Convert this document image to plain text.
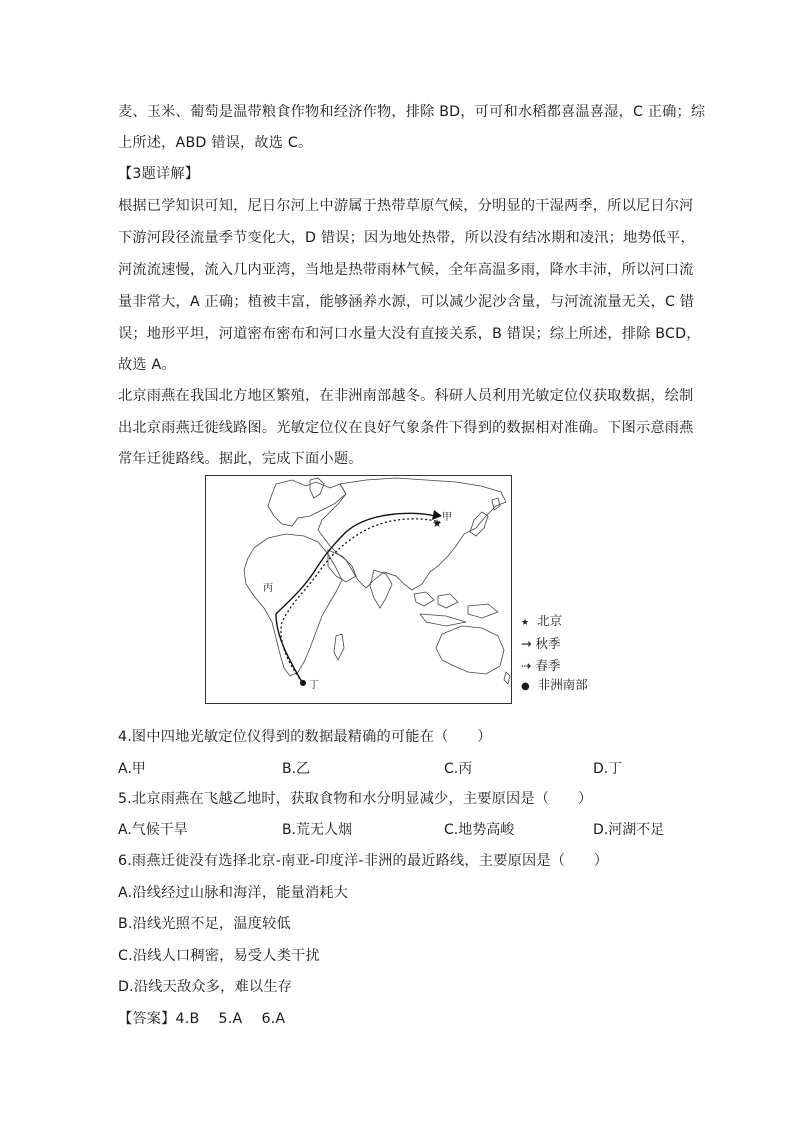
麦、玉米、葡萄是温带粮食作物和经济作物，排除 BD，可可和水稻都喜温喜湿，C 正确；综
上所述，ABD 错误，故选 C。
【3题详解】
根据已学知识可知，尼日尔河上中游属于热带草原气候，分明显的干湿两季，所以尼日尔河
下游河段径流量季节变化大，D 错误；因为地处热带，所以没有结冰期和凌汛；地势低平，
河流流速慢，流入几内亚湾，当地是热带雨林气候，全年高温多雨，降水丰沛，所以河口流
量非常大，A 正确；植被丰富，能够涵养水源，可以减少泥沙含量，与河流流量无关，C 错
误；地形平坦，河道密布密布和河口水量大没有直接关系，B 错误；综上所述，排除 BCD，
故选 A。
北京雨燕在我国北方地区繁殖，在非洲南部越冬。科研人员利用光敏定位仪获取数据，绘制
出北京雨燕迁徙线路图。光敏定位仪在良好气象条件下得到的数据相对准确。下图示意雨燕
常年迁徙路线。据此，完成下面小题。
★ 甲
丙
丁
★ 北京
→ 秋季
⇢ 春季
● 非洲南部
4.图中四地光敏定位仪得到的数据最精确的可能在（　　）
A.甲	B.乙	C.丙	D.丁
5.北京雨燕在飞越乙地时，获取食物和水分明显减少，主要原因是（　　）
A.气候干旱	B.荒无人烟	C.地势高峻	D.河湖不足
6.雨燕迁徙没有选择北京-南亚-印度洋-非洲的最近路线，主要原因是（　　）
A.沿线经过山脉和海洋，能量消耗大
B.沿线光照不足，温度较低
C.沿线人口稠密，易受人类干扰
D.沿线天敌众多，难以生存
【答案】4.B　 5.A　 6.A
